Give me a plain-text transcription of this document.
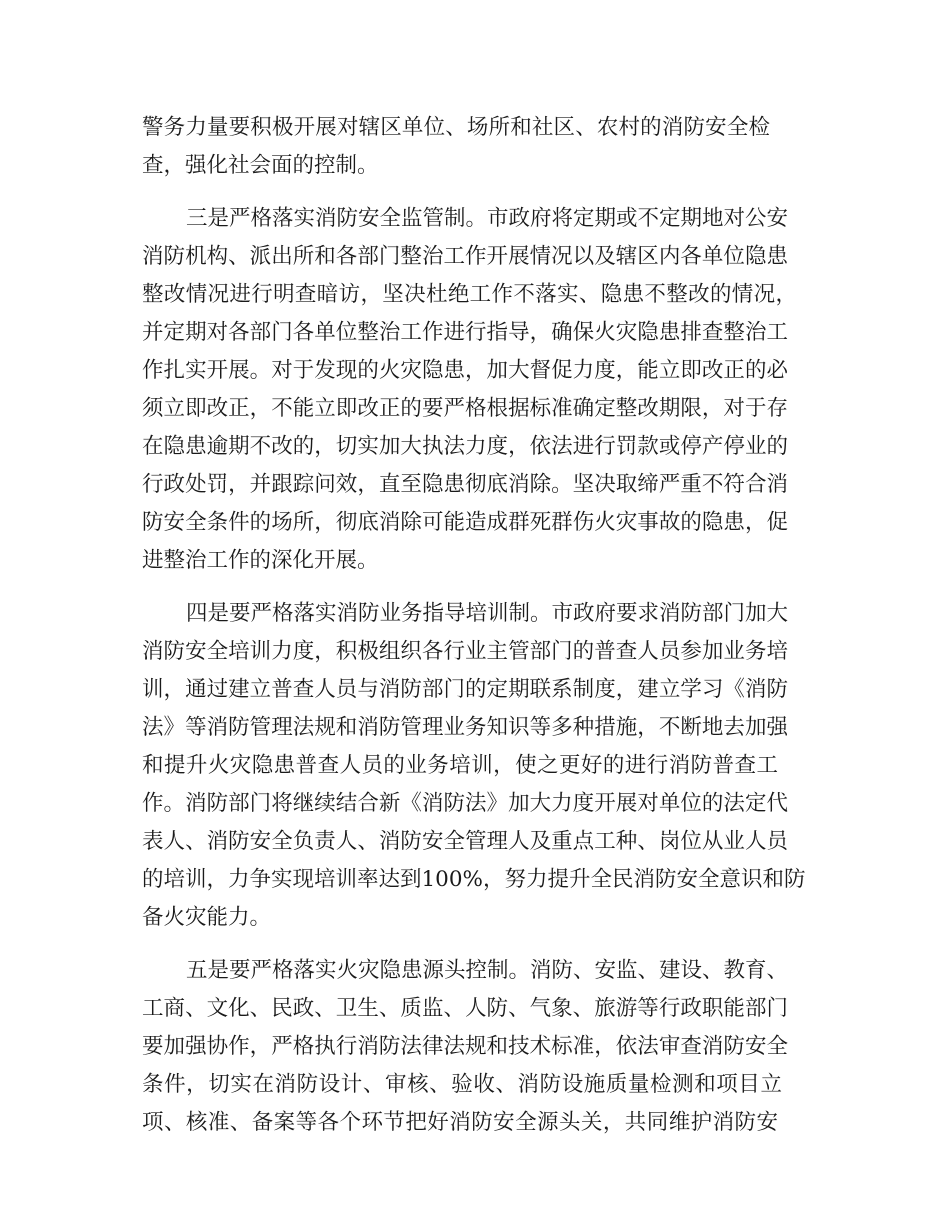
警务力量要积极开展对辖区单位、场所和社区、农村的消防安全检
查，强化社会面的控制。
三是严格落实消防安全监管制。市政府将定期或不定期地对公安
消防机构、派出所和各部门整治工作开展情况以及辖区内各单位隐患
整改情况进行明查暗访，坚决杜绝工作不落实、隐患不整改的情况，
并定期对各部门各单位整治工作进行指导，确保火灾隐患排查整治工
作扎实开展。对于发现的火灾隐患，加大督促力度，能立即改正的必
须立即改正，不能立即改正的要严格根据标准确定整改期限，对于存
在隐患逾期不改的，切实加大执法力度，依法进行罚款或停产停业的
行政处罚，并跟踪问效，直至隐患彻底消除。坚决取缔严重不符合消
防安全条件的场所，彻底消除可能造成群死群伤火灾事故的隐患，促
进整治工作的深化开展。
四是要严格落实消防业务指导培训制。市政府要求消防部门加大
消防安全培训力度，积极组织各行业主管部门的普查人员参加业务培
训，通过建立普查人员与消防部门的定期联系制度，建立学习《消防
法》等消防管理法规和消防管理业务知识等多种措施，不断地去加强
和提升火灾隐患普查人员的业务培训，使之更好的进行消防普查工
作。消防部门将继续结合新《消防法》加大力度开展对单位的法定代
表人、消防安全负责人、消防安全管理人及重点工种、岗位从业人员
的培训，力争实现培训率达到100%，努力提升全民消防安全意识和防
备火灾能力。
五是要严格落实火灾隐患源头控制。消防、安监、建设、教育、
工商、文化、民政、卫生、质监、人防、气象、旅游等行政职能部门
要加强协作，严格执行消防法律法规和技术标准，依法审查消防安全
条件，切实在消防设计、审核、验收、消防设施质量检测和项目立
项、核准、备案等各个环节把好消防安全源头关，共同维护消防安
